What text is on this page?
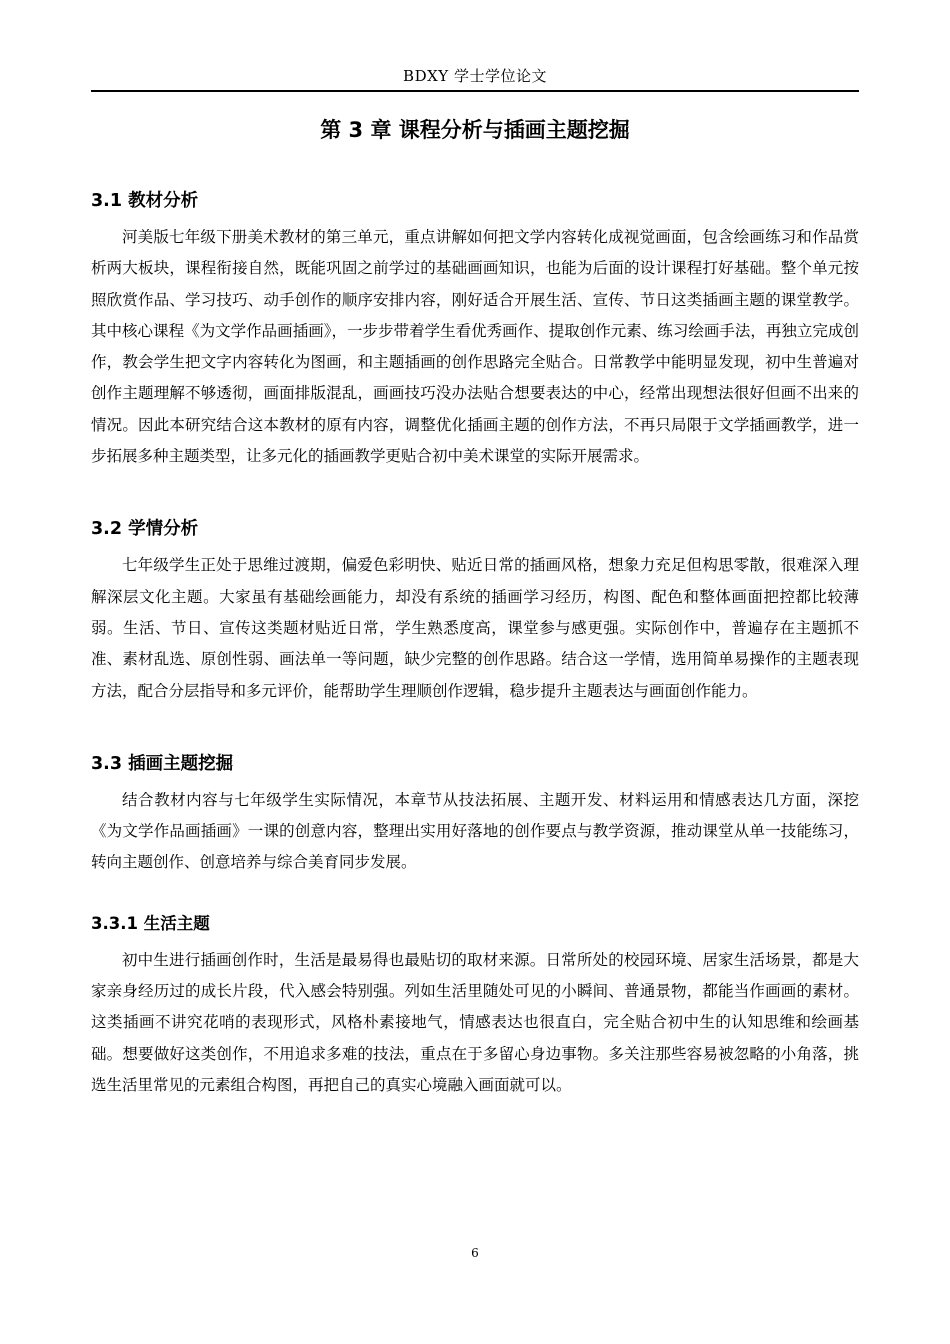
BDXY 学士学位论文
第 3 章 课程分析与插画主题挖掘
3.1 教材分析

河美版七年级下册美术教材的第三单元，重点讲解如何把文学内容转化成视觉画面，包含绘画练习和作品赏析两大板块，课程衔接自然，既能巩固之前学过的基础画画知识，也能为后面的设计课程打好基础。整个单元按照欣赏作品、学习技巧、动手创作的顺序安排内容，刚好适合开展生活、宣传、节日这类插画主题的课堂教学。其中核心课程《为文学作品画插画》，一步步带着学生看优秀画作、提取创作元素、练习绘画手法，再独立完成创作，教会学生把文字内容转化为图画，和主题插画的创作思路完全贴合。日常教学中能明显发现，初中生普遍对创作主题理解不够透彻，画面排版混乱，画画技巧没办法贴合想要表达的中心，经常出现想法很好但画不出来的情况。因此本研究结合这本教材的原有内容，调整优化插画主题的创作方法，不再只局限于文学插画教学，进一步拓展多种主题类型，让多元化的插画教学更贴合初中美术课堂的实际开展需求。

3.2 学情分析

七年级学生正处于思维过渡期，偏爱色彩明快、贴近日常的插画风格，想象力充足但构思零散，很难深入理解深层文化主题。大家虽有基础绘画能力，却没有系统的插画学习经历，构图、配色和整体画面把控都比较薄弱。生活、节日、宣传这类题材贴近日常，学生熟悉度高，课堂参与感更强。实际创作中，普遍存在主题抓不准、素材乱选、原创性弱、画法单一等问题，缺少完整的创作思路。结合这一学情，选用简单易操作的主题表现方法，配合分层指导和多元评价，能帮助学生理顺创作逻辑，稳步提升主题表达与画面创作能力。

3.3 插画主题挖掘

结合教材内容与七年级学生实际情况，本章节从技法拓展、主题开发、材料运用和情感表达几方面，深挖《为文学作品画插画》一课的创意内容，整理出实用好落地的创作要点与教学资源，推动课堂从单一技能练习，转向主题创作、创意培养与综合美育同步发展。

3.3.1 生活主题

初中生进行插画创作时，生活是最易得也最贴切的取材来源。日常所处的校园环境、居家生活场景，都是大家亲身经历过的成长片段，代入感会特别强。列如生活里随处可见的小瞬间、普通景物，都能当作画画的素材。这类插画不讲究花哨的表现形式，风格朴素接地气，情感表达也很直白，完全贴合初中生的认知思维和绘画基础。想要做好这类创作，不用追求多难的技法，重点在于多留心身边事物。多关注那些容易被忽略的小角落，挑选生活里常见的元素组合构图，再把自己的真实心境融入画面就可以。

6
